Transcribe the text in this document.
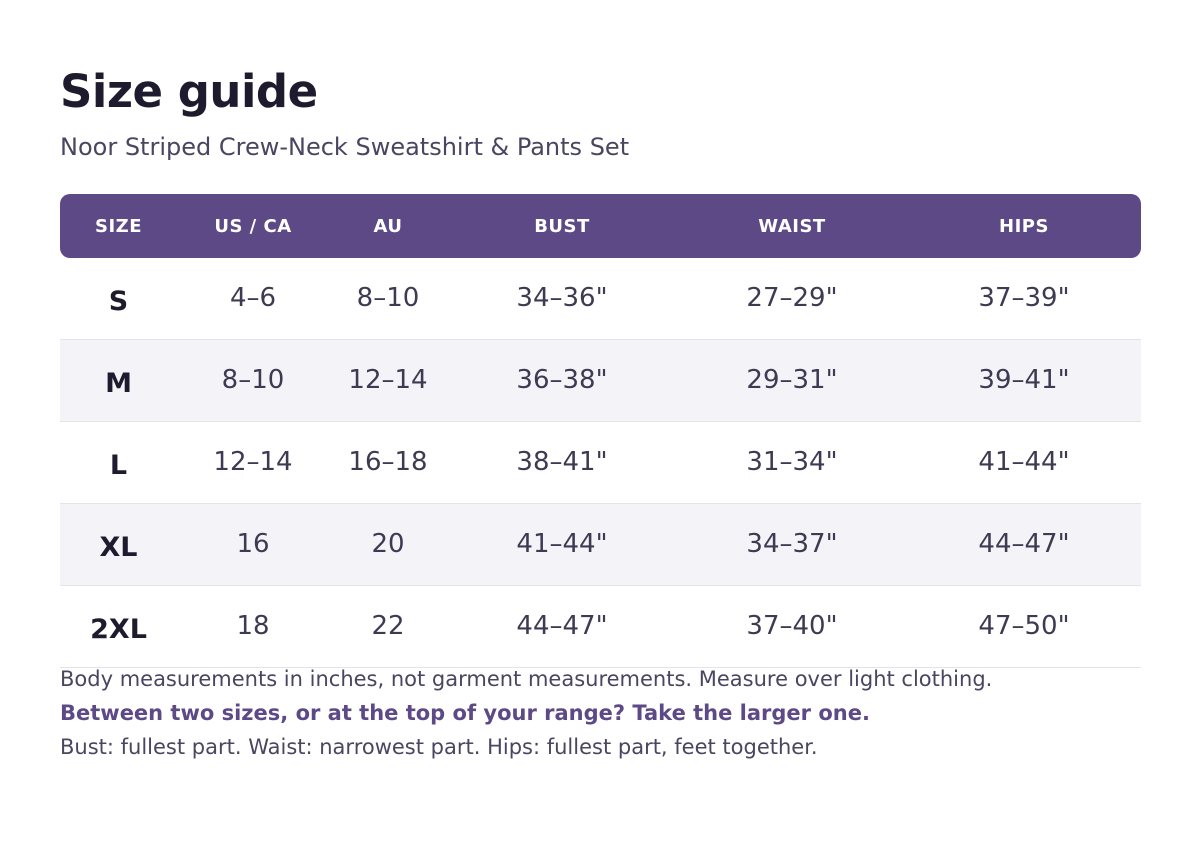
Size guide

Noor Striped Crew-Neck Sweatshirt & Pants Set

SIZE	US / CA	AU	BUST	WAIST	HIPS
S	4–6	8–10	34–36"	27–29"	37–39"
M	8–10	12–14	36–38"	29–31"	39–41"
L	12–14	16–18	38–41"	31–34"	41–44"
XL	16	20	41–44"	34–37"	44–47"
2XL	18	22	44–47"	37–40"	47–50"

Body measurements in inches, not garment measurements. Measure over light clothing.

Between two sizes, or at the top of your range? Take the larger one.

Bust: fullest part. Waist: narrowest part. Hips: fullest part, feet together.
